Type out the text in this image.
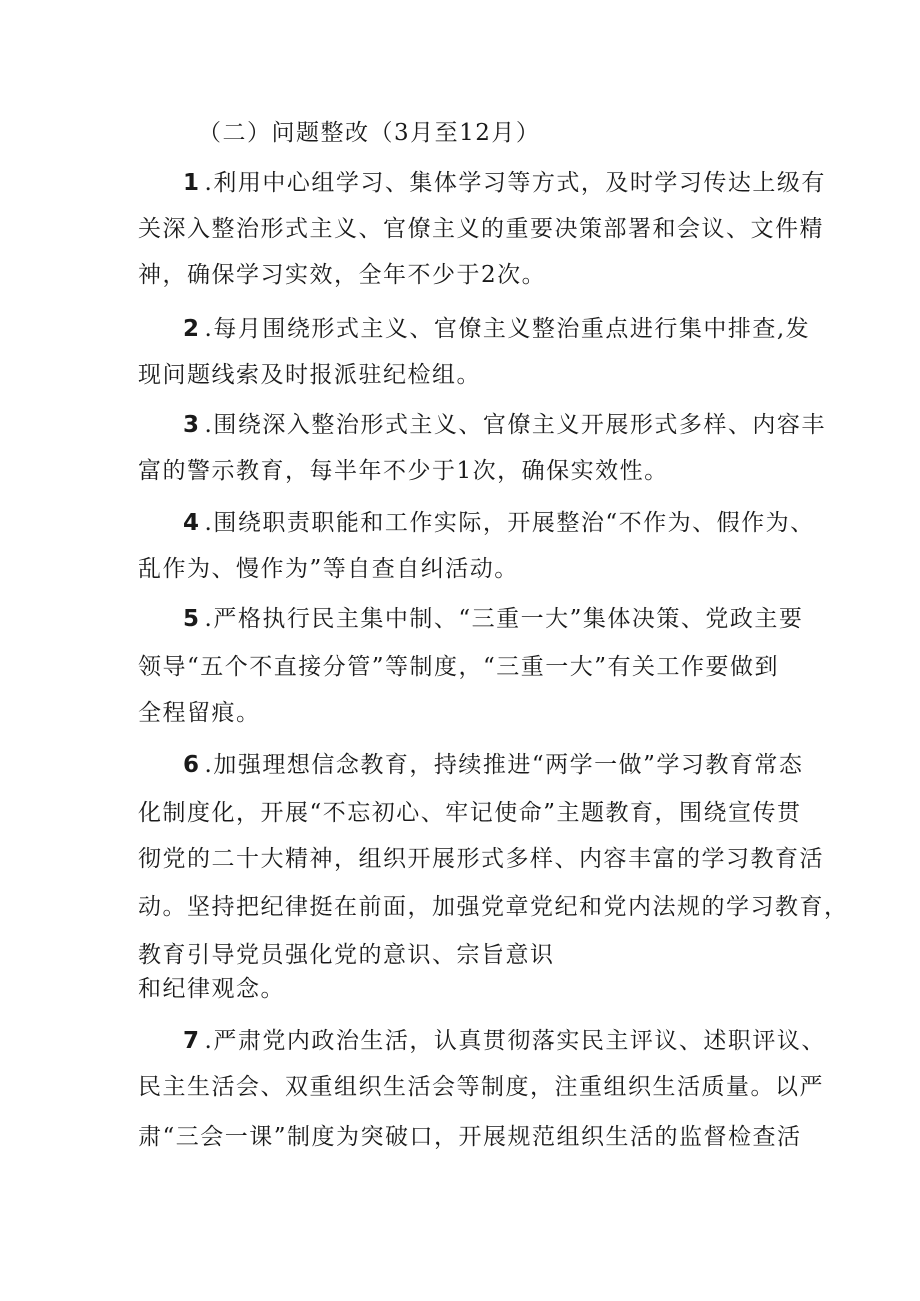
（二）问题整改（3月至12月）
1 .利用中心组学习、集体学习等方式，及时学习传达上级有
关深入整治形式主义、官僚主义的重要决策部署和会议、文件精
神，确保学习实效，全年不少于2次。
2 .每月围绕形式主义、官僚主义整治重点进行集中排查,发
现问题线索及时报派驻纪检组。
3 .围绕深入整治形式主义、官僚主义开展形式多样、内容丰
富的警示教育，每半年不少于1次，确保实效性。
4 .围绕职责职能和工作实际，开展整治“不作为、假作为、
乱作为、慢作为”等自查自纠活动。
5 .严格执行民主集中制、“三重一大”集体决策、党政主要
领导“五个不直接分管”等制度，“三重一大”有关工作要做到
全程留痕。
6 .加强理想信念教育，持续推进“两学一做”学习教育常态
化制度化，开展“不忘初心、牢记使命”主题教育，围绕宣传贯
彻党的二十大精神，组织开展形式多样、内容丰富的学习教育活
动。坚持把纪律挺在前面，加强党章党纪和党内法规的学习教育，
教育引导党员强化党的意识、宗旨意识
和纪律观念。
7 .严肃党内政治生活，认真贯彻落实民主评议、述职评议、
民主生活会、双重组织生活会等制度，注重组织生活质量。以严
肃“三会一课”制度为突破口，开展规范组织生活的监督检查活
